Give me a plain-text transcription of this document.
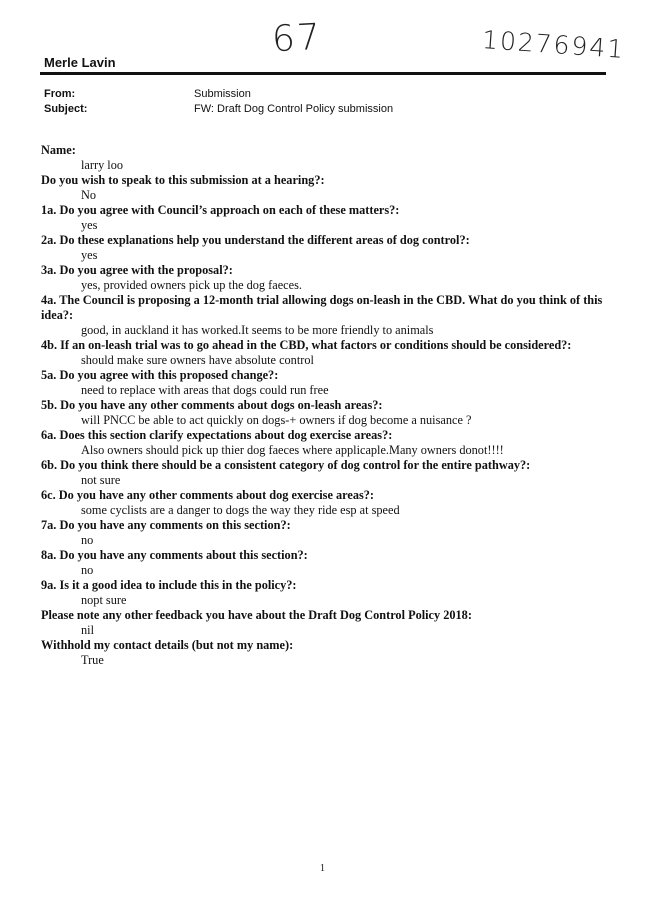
67	10276941
Merle Lavin
From:	Submission
Subject:	FW: Draft Dog Control Policy submission
Name:
larry loo
Do you wish to speak to this submission at a hearing?:
No
1a. Do you agree with Council’s approach on each of these matters?:
yes
2a. Do these explanations help you understand the different areas of dog control?:
yes
3a. Do you agree with the proposal?:
yes, provided owners pick up the dog faeces.
4a. The Council is proposing a 12-month trial allowing dogs on-leash in the CBD. What do you think of this idea?:
good, in auckland it has worked.It seems to be more friendly to animals
4b. If an on-leash trial was to go ahead in the CBD, what factors or conditions should be considered?:
should make sure owners have absolute control
5a. Do you agree with this proposed change?:
need to replace with areas that dogs could run free
5b. Do you have any other comments about dogs on-leash areas?:
will PNCC be able to act quickly on dogs-+ owners if dog become a nuisance ?
6a. Does this section clarify expectations about dog exercise areas?:
Also owners should pick up thier dog faeces where applicaple.Many owners donot!!!!
6b. Do you think there should be a consistent category of dog control for the entire pathway?:
not sure
6c. Do you have any other comments about dog exercise areas?:
some cyclists are a danger to dogs the way they ride esp at speed
7a. Do you have any comments on this section?:
no
8a. Do you have any comments about this section?:
no
9a. Is it a good idea to include this in the policy?:
nopt sure
Please note any other feedback you have about the Draft Dog Control Policy 2018:
nil
Withhold my contact details (but not my name):
True
1
